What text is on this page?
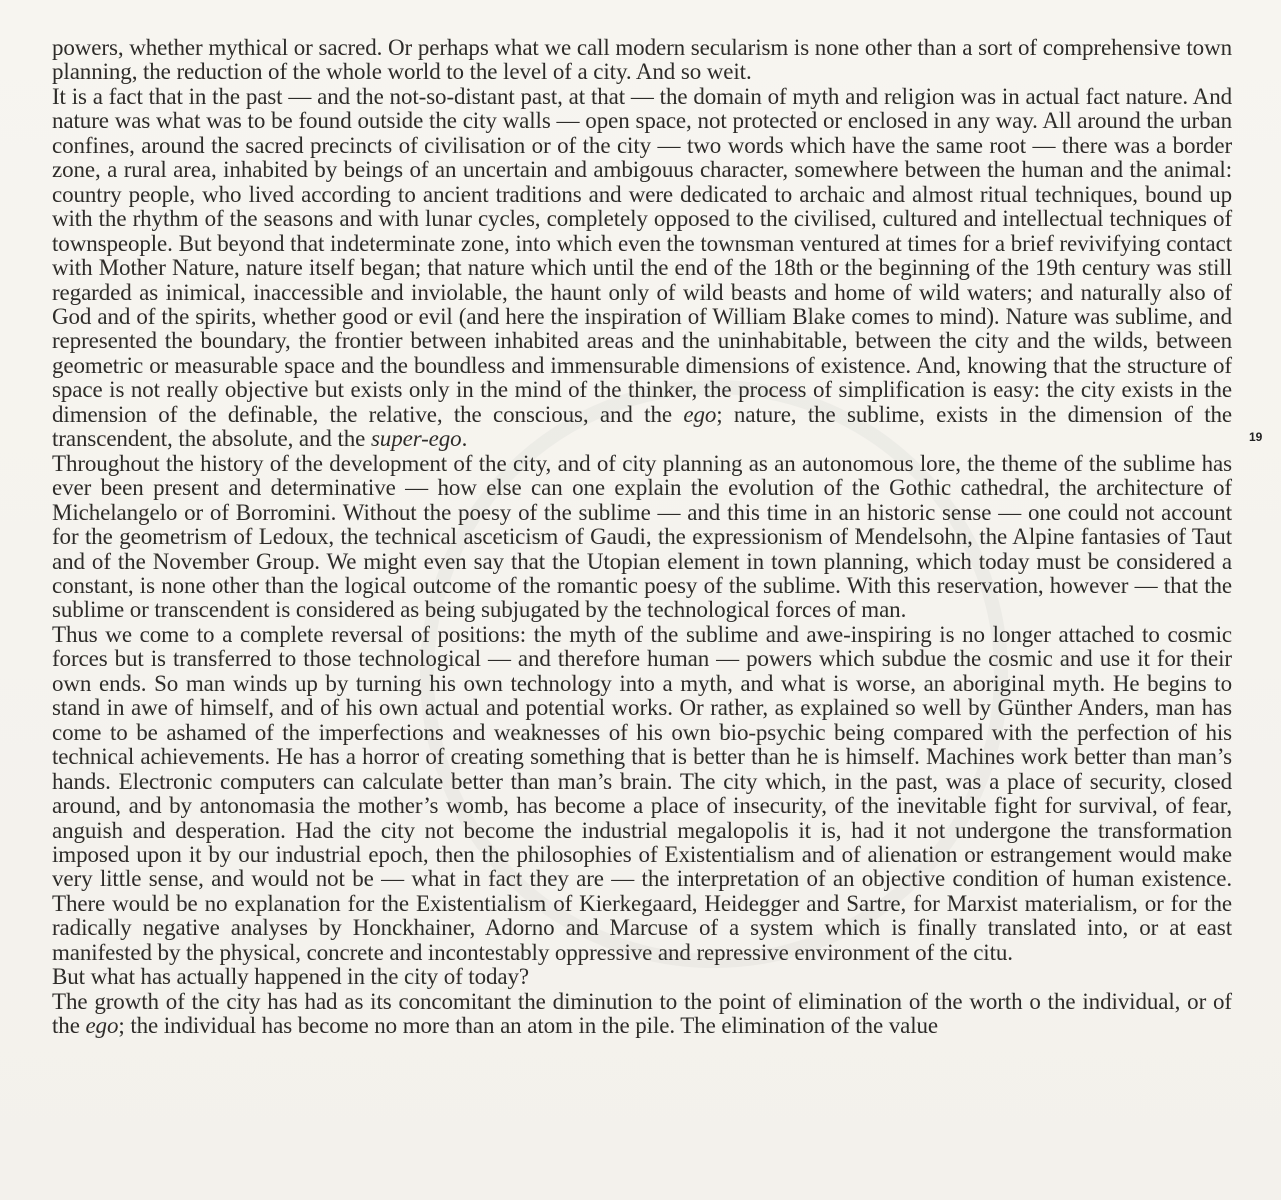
powers, whether mythical or sacred. Or perhaps what we call modern secularism is none other than a sort of comprehensive town planning, the reduction of the whole world to the level of a city. And so weit.

It is a fact that in the past — and the not-so-distant past, at that — the domain of myth and religion was in actual fact nature. And nature was what was to be found outside the city walls — open space, not protected or enclosed in any way. All around the urban confines, around the sacred precincts of civilisation or of the city — two words which have the same root — there was a border zone, a rural area, inhabited by beings of an uncertain and ambigouus character, somewhere between the human and the animal: country people, who lived according to ancient traditions and were dedicated to archaic and almost ritual techniques, bound up with the rhythm of the seasons and with lunar cycles, completely opposed to the civilised, cultured and intellectual techniques of townspeople. But beyond that indeterminate zone, into which even the townsman ventured at times for a brief revivifying contact with Mother Nature, nature itself began; that nature which until the end of the 18th or the beginning of the 19th century was still regarded as inimical, inaccessible and inviolable, the haunt only of wild beasts and home of wild waters; and naturally also of God and of the spirits, whether good or evil (and here the inspiration of William Blake comes to mind). Nature was sublime, and represented the boundary, the frontier between inhabited areas and the uninhabitable, between the city and the wilds, between geometric or measurable space and the boundless and immensurable dimensions of existence. And, knowing that the structure of space is not really objective but exists only in the mind of the thinker, the process of simplification is easy: the city exists in the dimension of the definable, the relative, the conscious, and the ego; nature, the sublime, exists in the dimension of the transcendent, the absolute, and the super-ego.

Throughout the history of the development of the city, and of city planning as an autonomous lore, the theme of the sublime has ever been present and determinative — how else can one explain the evolution of the Gothic cathedral, the architecture of Michelangelo or of Borromini. Without the poesy of the sublime — and this time in an historic sense — one could not account for the geometrism of Ledoux, the technical asceticism of Gaudi, the expressionism of Mendelsohn, the Alpine fantasies of Taut and of the November Group. We might even say that the Utopian element in town planning, which today must be considered a constant, is none other than the logical outcome of the romantic poesy of the sublime. With this reservation, however — that the sublime or transcendent is considered as being subjugated by the technological forces of man.

Thus we come to a complete reversal of positions: the myth of the sublime and awe-inspiring is no longer attached to cosmic forces but is transferred to those technological — and therefore human — powers which subdue the cosmic and use it for their own ends. So man winds up by turning his own technology into a myth, and what is worse, an aboriginal myth. He begins to stand in awe of himself, and of his own actual and potential works. Or rather, as explained so well by Günther Anders, man has come to be ashamed of the imperfections and weaknesses of his own bio-psychic being compared with the perfection of his technical achievements. He has a horror of creating something that is better than he is himself. Machines work better than man’s hands. Electronic computers can calculate better than man’s brain. The city which, in the past, was a place of security, closed around, and by antonomasia the mother’s womb, has become a place of insecurity, of the inevitable fight for survival, of fear, anguish and desperation. Had the city not become the industrial megalopolis it is, had it not undergone the transformation imposed upon it by our industrial epoch, then the philosophies of Existentialism and of alienation or estrangement would make very little sense, and would not be — what in fact they are — the interpretation of an objective condition of human existence. There would be no explanation for the Existentialism of Kierkegaard, Heidegger and Sartre, for Marxist materialism, or for the radically negative analyses by Honckhainer, Adorno and Marcuse of a system which is finally translated into, or at east manifested by the physical, concrete and incontestably oppressive and repressive environment of the citu.

But what has actually happened in the city of today?

The growth of the city has had as its concomitant the diminution to the point of elimination of the worth o the individual, or of the ego; the individual has become no more than an atom in the pile. The elimination of the value

19
